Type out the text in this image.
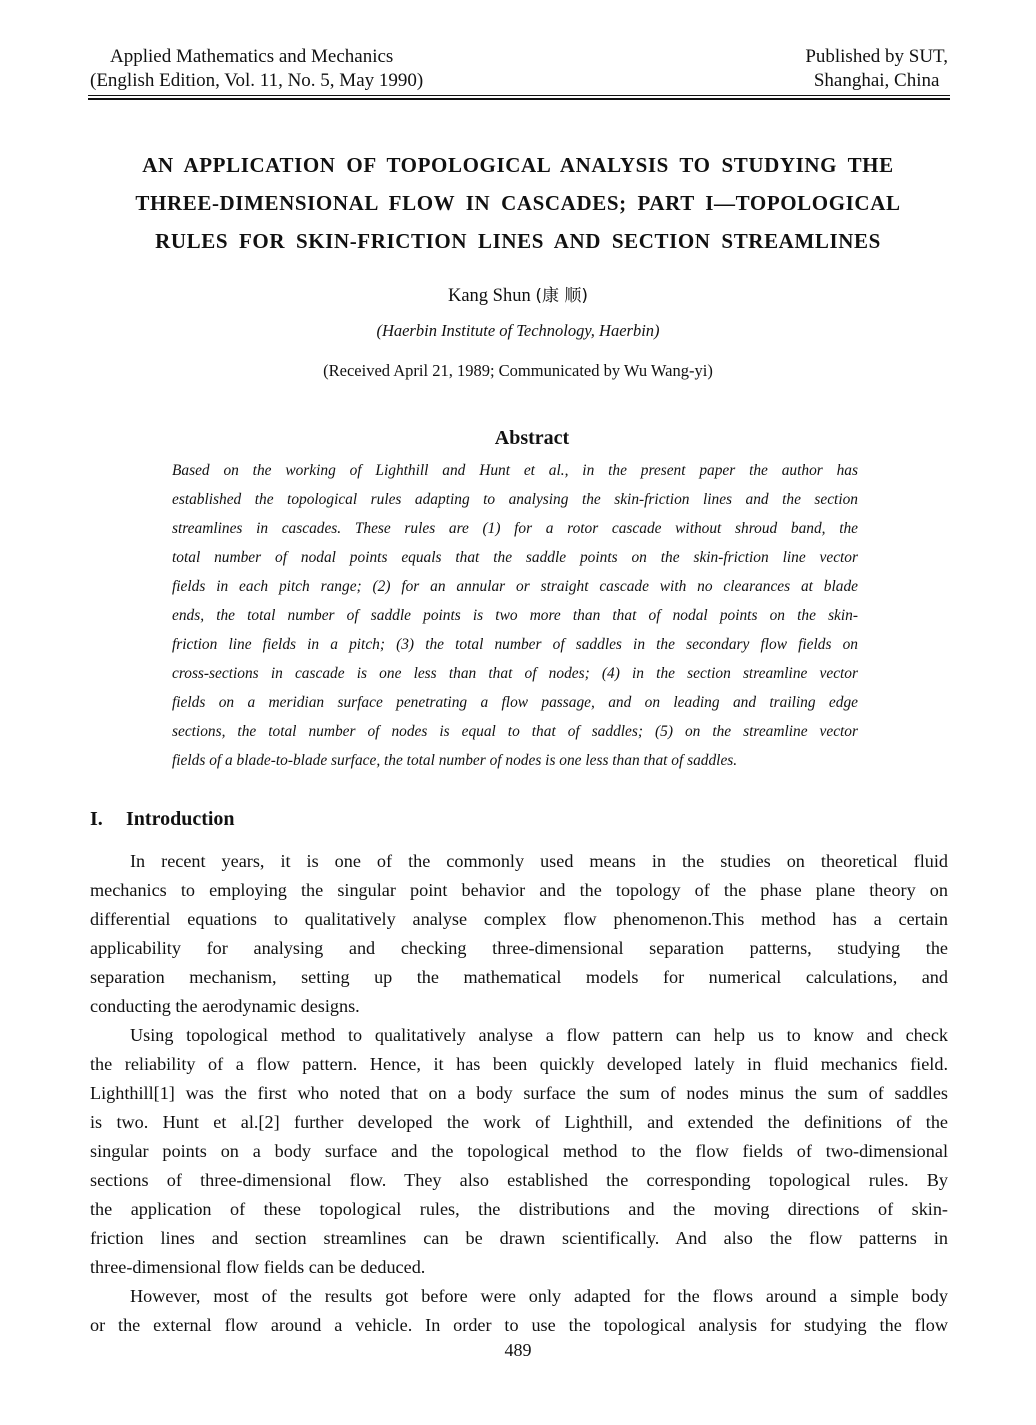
Applied Mathematics and Mechanics
(English Edition, Vol. 11, No. 5, May 1990)
Published by SUT,
Shanghai, China
AN APPLICATION OF TOPOLOGICAL ANALYSIS TO STUDYING THE
THREE-DIMENSIONAL FLOW IN CASCADES; PART I—TOPOLOGICAL
RULES FOR SKIN-FRICTION LINES AND SECTION STREAMLINES
Kang Shun (康 顺)
(Haerbin Institute of Technology, Haerbin)
(Received April 21, 1989; Communicated by Wu Wang-yi)
Abstract
Based on the working of Lighthill and Hunt et al., in the present paper the author has
established the topological rules adapting to analysing the skin-friction lines and the section
streamlines in cascades. These rules are (1) for a rotor cascade without shroud band, the
total number of nodal points equals that the saddle points on the skin-friction line vector
fields in each pitch range; (2) for an annular or straight cascade with no clearances at blade
ends, the total number of saddle points is two more than that of nodal points on the skin-
friction line fields in a pitch; (3) the total number of saddles in the secondary flow fields on
cross-sections in cascade is one less than that of nodes; (4) in the section streamline vector
fields on a meridian surface penetrating a flow passage, and on leading and trailing edge
sections, the total number of nodes is equal to that of saddles; (5) on the streamline vector
fields of a blade-to-blade surface, the total number of nodes is one less than that of saddles.
I. Introduction
In recent years, it is one of the commonly used means in the studies on theoretical fluid
mechanics to employing the singular point behavior and the topology of the phase plane theory on
differential equations to qualitatively analyse complex flow phenomenon.This method has a certain
applicability for analysing and checking three-dimensional separation patterns, studying the
separation mechanism, setting up the mathematical models for numerical calculations, and
conducting the aerodynamic designs.
Using topological method to qualitatively analyse a flow pattern can help us to know and check
the reliability of a flow pattern. Hence, it has been quickly developed lately in fluid mechanics field.
Lighthill[1] was the first who noted that on a body surface the sum of nodes minus the sum of saddles
is two. Hunt et al.[2] further developed the work of Lighthill, and extended the definitions of the
singular points on a body surface and the topological method to the flow fields of two-dimensional
sections of three-dimensional flow. They also established the corresponding topological rules. By
the application of these topological rules, the distributions and the moving directions of skin-
friction lines and section streamlines can be drawn scientifically. And also the flow patterns in
three-dimensional flow fields can be deduced.
However, most of the results got before were only adapted for the flows around a simple body
or the external flow around a vehicle. In order to use the topological analysis for studying the flow
489
